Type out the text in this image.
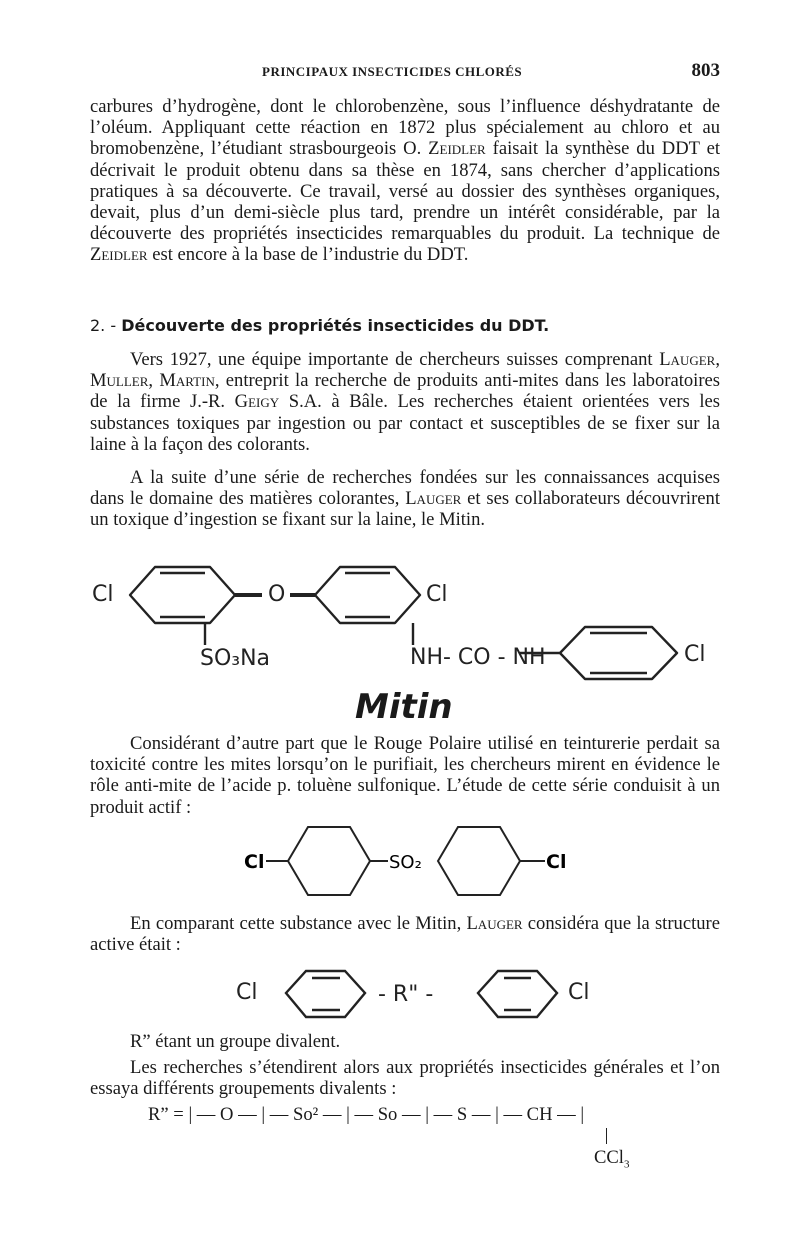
PRINCIPAUX INSECTICIDES CHLORÉS	803

carbures d’hydrogène, dont le chlorobenzène, sous l’influence déshydratante de l’oléum. Appliquant cette réaction en 1872 plus spécialement au chloro et au bromobenzène, l’étudiant strasbourgeois O. Zeidler faisait la synthèse du DDT et décrivait le produit obtenu dans sa thèse en 1874, sans chercher d’applications pratiques à sa découverte. Ce travail, versé au dossier des synthèses organiques, devait, plus d’un demi-siècle plus tard, prendre un intérêt considérable, par la découverte des propriétés insecticides remarquables du produit. La technique de Zeidler est encore à la base de l’industrie du DDT.

2. - Découverte des propriétés insecticides du DDT.

Vers 1927, une équipe importante de chercheurs suisses comprenant Lauger, Muller, Martin, entreprit la recherche de produits anti-mites dans les laboratoires de la firme J.-R. Geigy S.A. à Bâle. Les recherches étaient orientées vers les substances toxiques par ingestion ou par contact et susceptibles de se fixer sur la laine à la façon des colorants.

A la suite d’une série de recherches fondées sur les connaissances acquises dans le domaine des matières colorantes, Lauger et ses collaborateurs découvrirent un toxique d’ingestion se fixant sur la laine, le Mitin.

Cl	O	Cl
SO₃Na	NH- CO - NH	Cl
Mitin

Considérant d’autre part que le Rouge Polaire utilisé en teinturerie perdait sa toxicité contre les mites lorsqu’on le purifiait, les chercheurs mirent en évidence le rôle anti-mite de l’acide p. toluène sulfonique. L’étude de cette série conduisit à un produit actif :

Cl	SO₂	Cl

En comparant cette substance avec le Mitin, Lauger considéra que la structure active était :

Cl	- R" -	Cl

R” étant un groupe divalent.

Les recherches s’étendirent alors aux propriétés insecticides générales et l’on essaya différents groupements divalents :

R” = | — O — | — So² — | — So — | — S — | — CH — |
CCl$_3$
